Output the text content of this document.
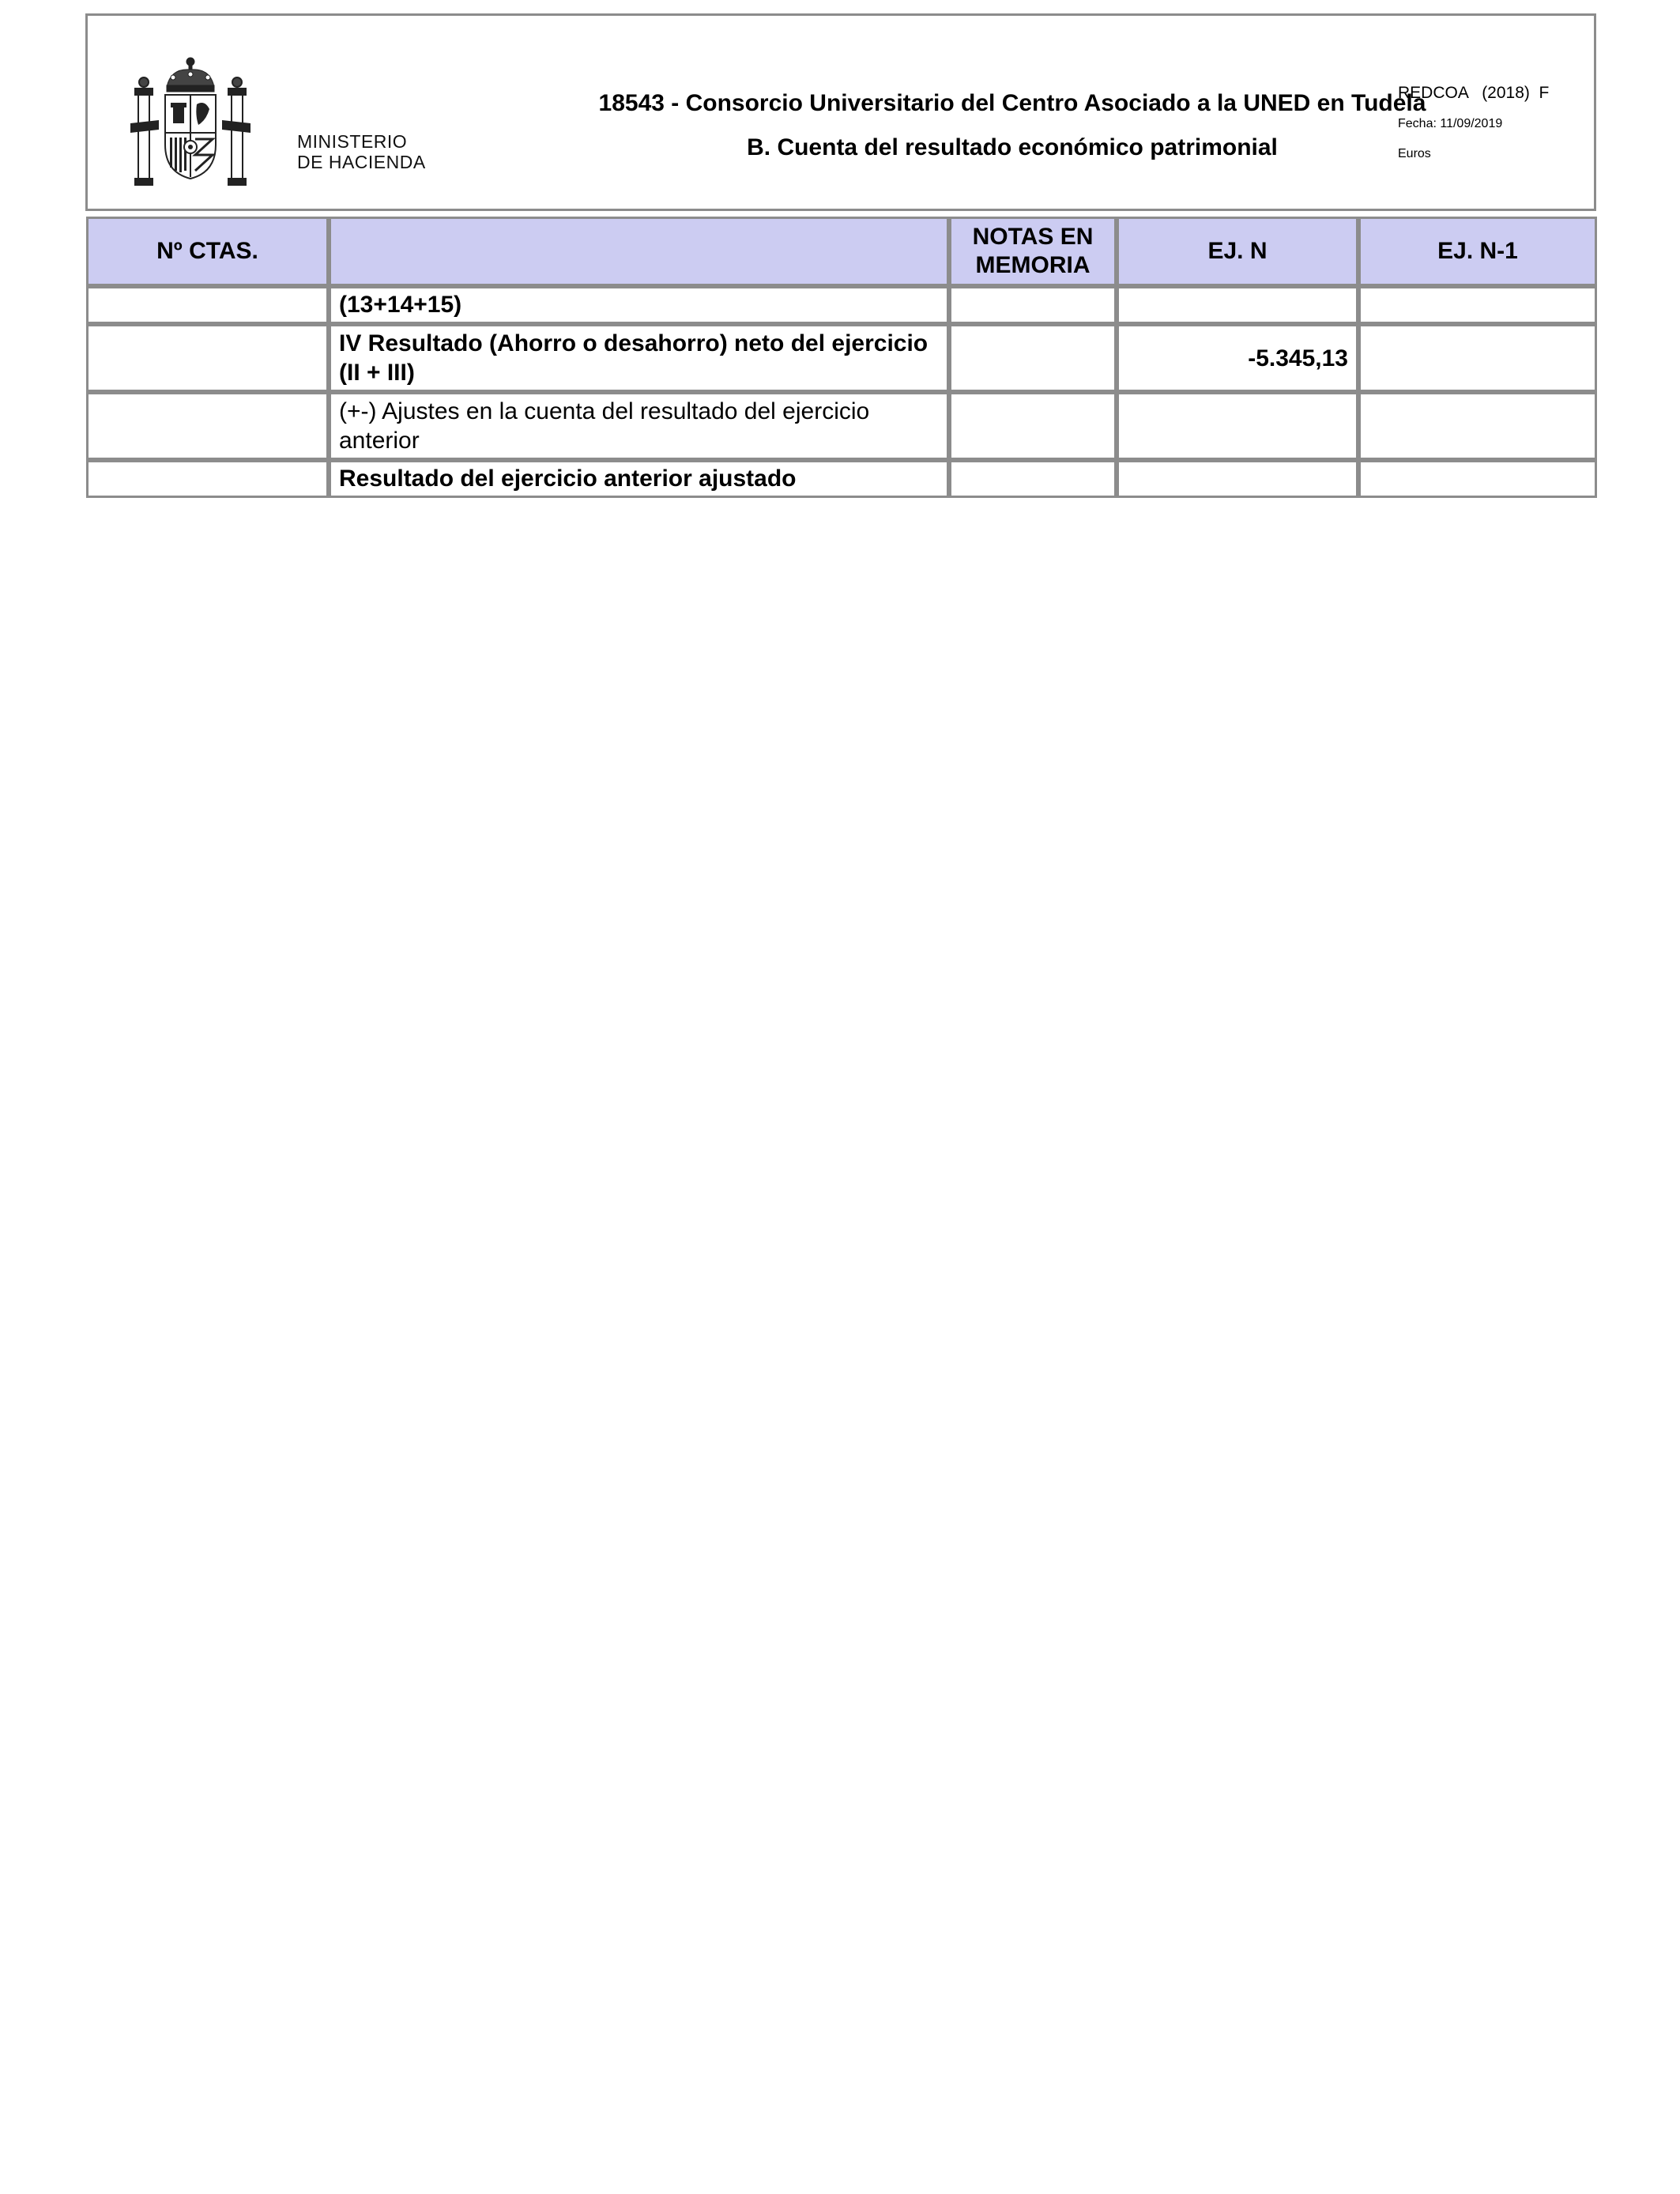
MINISTERIO
DE HACIENDA
18543 - Consorcio Universitario del Centro Asociado a la UNED en Tudela
B. Cuenta del resultado económico patrimonial
REDCOA   (2018)  F
Fecha: 11/09/2019
Euros
Nº CTAS.		NOTAS EN MEMORIA	EJ. N	EJ. N-1
	(13+14+15)			
	IV Resultado (Ahorro o desahorro) neto del ejercicio (II + III)		-5.345,13	
	(+-) Ajustes en la cuenta del resultado del ejercicio anterior			
	Resultado del ejercicio anterior ajustado			
